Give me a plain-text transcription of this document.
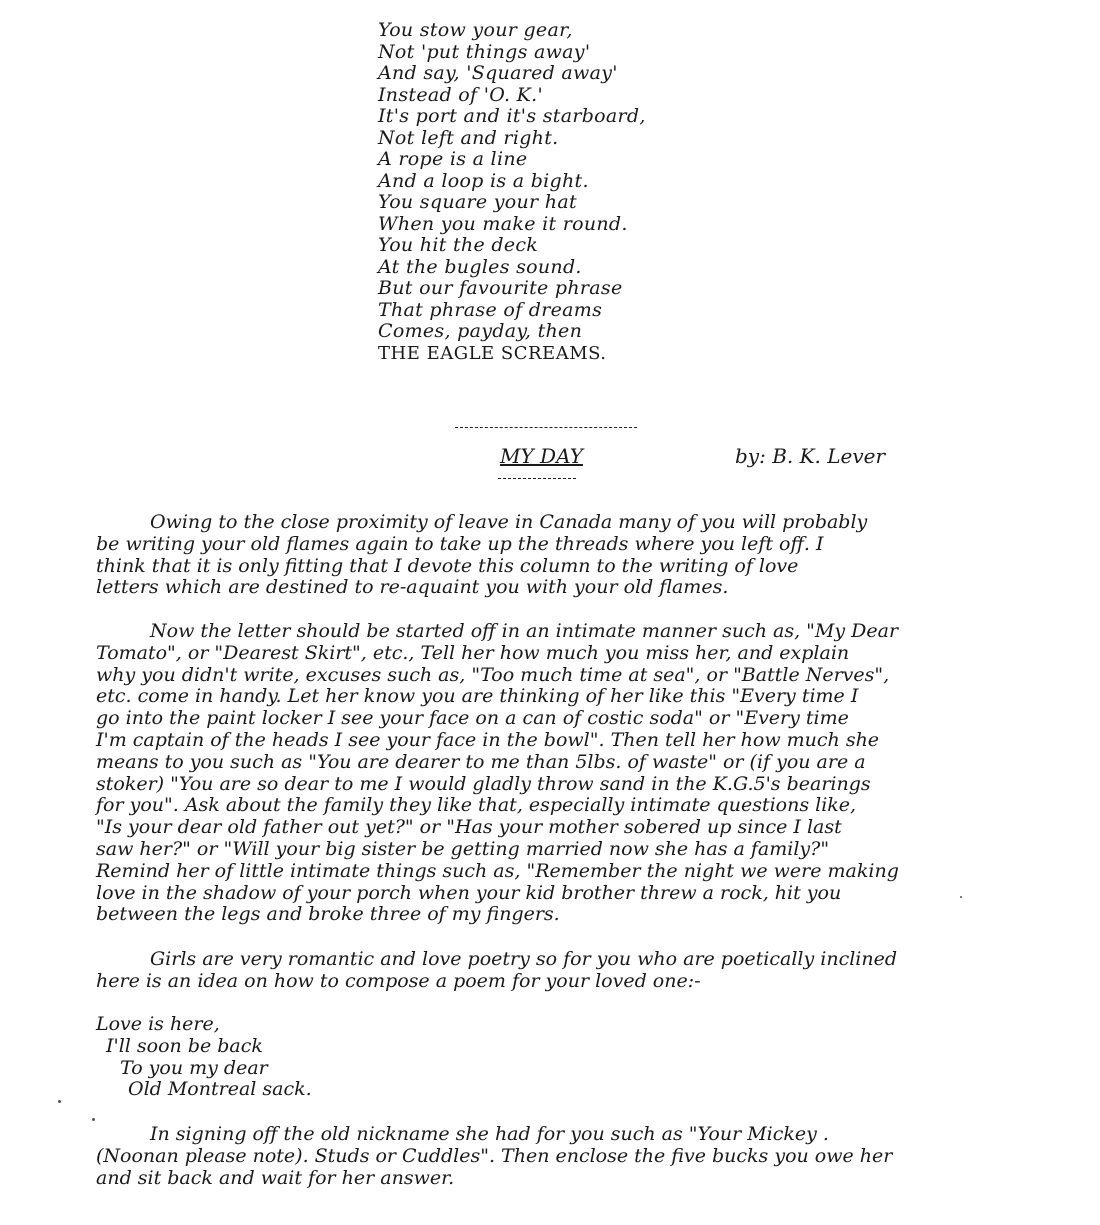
You stow your gear,
Not 'put things away'
And say, 'Squared away'
Instead of 'O. K.'
It's port and it's starboard,
Not left and right.
A rope is a line
And a loop is a bight.
You square your hat
When you make it round.
You hit the deck
At the bugles sound.
But our favourite phrase
That phrase of dreams
Comes, payday, then
THE EAGLE SCREAMS.
MY DAY	by: B. K. Lever
Owing to the close proximity of leave in Canada many of you will probably
be writing your old flames again to take up the threads where you left off. I
think that it is only fitting that I devote this column to the writing of love
letters which are destined to re-aquaint you with your old flames.
Now the letter should be started off in an intimate manner such as, "My Dear
Tomato", or "Dearest Skirt", etc., Tell her how much you miss her, and explain
why you didn't write, excuses such as, "Too much time at sea", or "Battle Nerves",
etc. come in handy. Let her know you are thinking of her like this "Every time I
go into the paint locker I see your face on a can of costic soda" or "Every time
I'm captain of the heads I see your face in the bowl". Then tell her how much she
means to you such as "You are dearer to me than 5lbs. of waste" or (if you are a
stoker) "You are so dear to me I would gladly throw sand in the K.G.5's bearings
for you". Ask about the family they like that, especially intimate questions like,
"Is your dear old father out yet?" or "Has your mother sobered up since I last
saw her?" or "Will your big sister be getting married now she has a family?"
Remind her of little intimate things such as, "Remember the night we were making
love in the shadow of your porch when your kid brother threw a rock, hit you
between the legs and broke three of my fingers.
Girls are very romantic and love poetry so for you who are poetically inclined
here is an idea on how to compose a poem for your loved one:-
Love is here,
I'll soon be back
To you my dear
Old Montreal sack.
In signing off the old nickname she had for you such as "Your Mickey .
(Noonan please note). Studs or Cuddles". Then enclose the five bucks you owe her
and sit back and wait for her answer.
